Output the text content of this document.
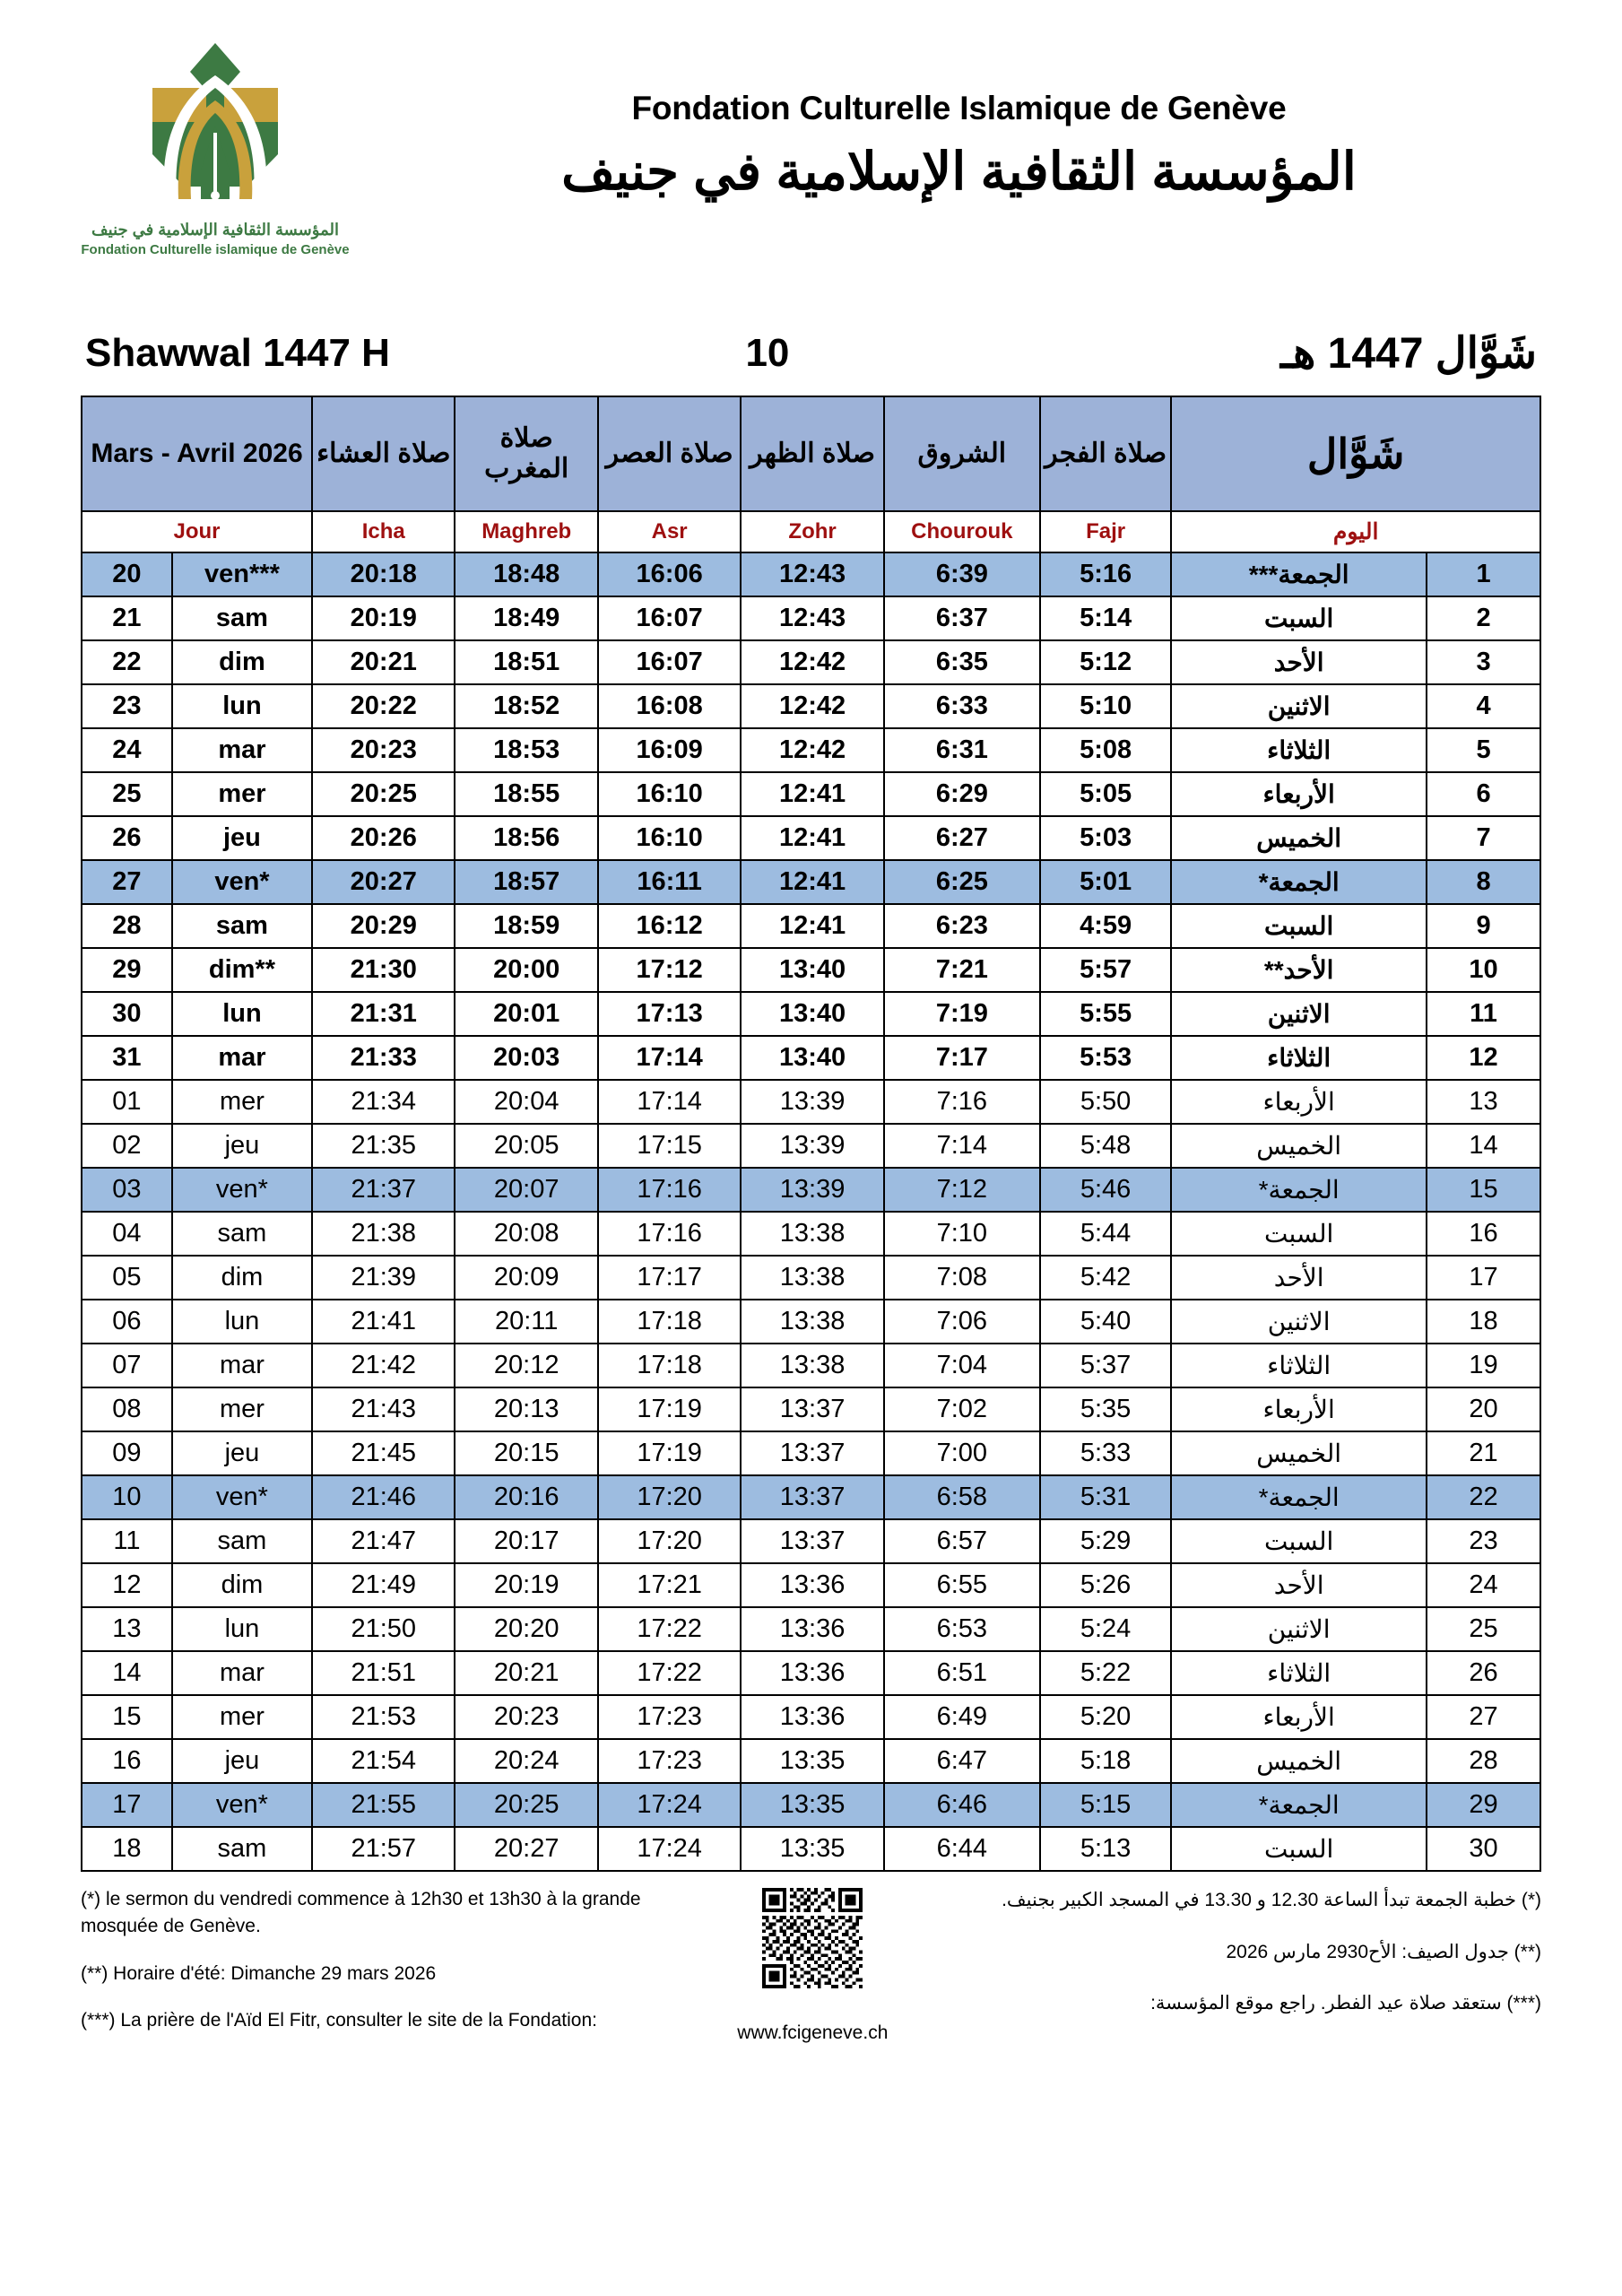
المؤسسة الثقافية الإسلامية في جنيف
Fondation Culturelle islamique de Genève
Fondation Culturelle Islamique de Genève
المؤسسة الثقافية الإسلامية في جنيف
Shawwal 1447 H	10	شَوَّال 1447 هـ
Mars - Avril 2026		صلاة العشاء	صلاة المغرب	صلاة العصر	صلاة الظهر	الشروق	صلاة الفجر	شَوَّال	
Jour		Icha	Maghreb	Asr	Zohr	Chourouk	Fajr	اليوم	
20	ven***	20:18	18:48	16:06	12:43	6:39	5:16	الجمعة***	1
21	sam	20:19	18:49	16:07	12:43	6:37	5:14	السبت	2
22	dim	20:21	18:51	16:07	12:42	6:35	5:12	الأحد	3
23	lun	20:22	18:52	16:08	12:42	6:33	5:10	الاثنين	4
24	mar	20:23	18:53	16:09	12:42	6:31	5:08	الثلاثاء	5
25	mer	20:25	18:55	16:10	12:41	6:29	5:05	الأربعاء	6
26	jeu	20:26	18:56	16:10	12:41	6:27	5:03	الخميس	7
27	ven*	20:27	18:57	16:11	12:41	6:25	5:01	الجمعة*	8
28	sam	20:29	18:59	16:12	12:41	6:23	4:59	السبت	9
29	dim**	21:30	20:00	17:12	13:40	7:21	5:57	الأحد**	10
30	lun	21:31	20:01	17:13	13:40	7:19	5:55	الاثنين	11
31	mar	21:33	20:03	17:14	13:40	7:17	5:53	الثلاثاء	12
01	mer	21:34	20:04	17:14	13:39	7:16	5:50	الأربعاء	13
02	jeu	21:35	20:05	17:15	13:39	7:14	5:48	الخميس	14
03	ven*	21:37	20:07	17:16	13:39	7:12	5:46	الجمعة*	15
04	sam	21:38	20:08	17:16	13:38	7:10	5:44	السبت	16
05	dim	21:39	20:09	17:17	13:38	7:08	5:42	الأحد	17
06	lun	21:41	20:11	17:18	13:38	7:06	5:40	الاثنين	18
07	mar	21:42	20:12	17:18	13:38	7:04	5:37	الثلاثاء	19
08	mer	21:43	20:13	17:19	13:37	7:02	5:35	الأربعاء	20
09	jeu	21:45	20:15	17:19	13:37	7:00	5:33	الخميس	21
10	ven*	21:46	20:16	17:20	13:37	6:58	5:31	الجمعة*	22
11	sam	21:47	20:17	17:20	13:37	6:57	5:29	السبت	23
12	dim	21:49	20:19	17:21	13:36	6:55	5:26	الأحد	24
13	lun	21:50	20:20	17:22	13:36	6:53	5:24	الاثنين	25
14	mar	21:51	20:21	17:22	13:36	6:51	5:22	الثلاثاء	26
15	mer	21:53	20:23	17:23	13:36	6:49	5:20	الأربعاء	27
16	jeu	21:54	20:24	17:23	13:35	6:47	5:18	الخميس	28
17	ven*	21:55	20:25	17:24	13:35	6:46	5:15	الجمعة*	29
18	sam	21:57	20:27	17:24	13:35	6:44	5:13	السبت	30

(*) le sermon du vendredi commence à 12h30 et 13h30 à la grande mosquée de Genève.

(**) Horaire d'été: Dimanche 29 mars 2026

(***) La prière de l'Aïd El Fitr, consulter le site de la Fondation:

www.fcigeneve.ch

(*) خطبة الجمعة تبدأ الساعة 12.30 و 13.30 في المسجد الكبير بجنيف.

(**) جدول الصيف: الأح2930 مارس 2026

(***) ستعقد صلاة عيد الفطر. راجع موقع المؤسسة:
